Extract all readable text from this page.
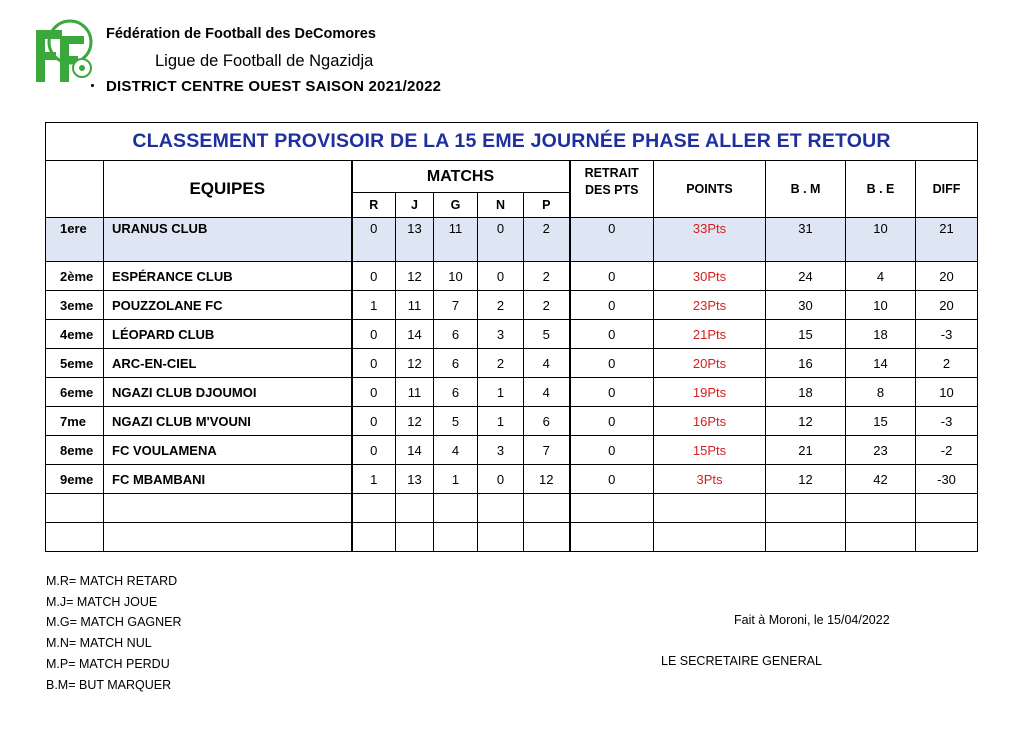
Fédération de Football des DeComores
Ligue de Football de Ngazidja
DISTRICT CENTRE OUEST SAISON 2021/2022
CLASSEMENT PROVISOIR DE LA 15 EME JOURNÉE PHASE ALLER ET RETOUR											
	EQUIPES	MATCHS					RETRAIT DES PTS	POINTS	B . M	B . E	DIFF
		R	J	G	N	P					
1ere	URANUS CLUB	0	13	11	0	2	0	33Pts	31	10	21
2ème	ESPÉRANCE CLUB	0	12	10	0	2	0	30Pts	24	4	20
3eme	POUZZOLANE FC	1	11	7	2	2	0	23Pts	30	10	20
4eme	LÉOPARD CLUB	0	14	6	3	5	0	21Pts	15	18	-3
5eme	ARC-EN-CIEL	0	12	6	2	4	0	20Pts	16	14	2
6eme	NGAZI CLUB DJOUMOI	0	11	6	1	4	0	19Pts	18	8	10
7me	NGAZI CLUB M'VOUNI	0	12	5	1	6	0	16Pts	12	15	-3
8eme	FC VOULAMENA	0	14	4	3	7	0	15Pts	21	23	-2
9eme	FC MBAMBANI	1	13	1	0	12	0	3Pts	12	42	-30

M.R= MATCH RETARD
M.J= MATCH JOUE
M.G= MATCH GAGNER
M.N= MATCH NUL
M.P= MATCH PERDU
B.M= BUT MARQUER
Fait à Moroni, le 15/04/2022
LE SECRETAIRE GENERAL
